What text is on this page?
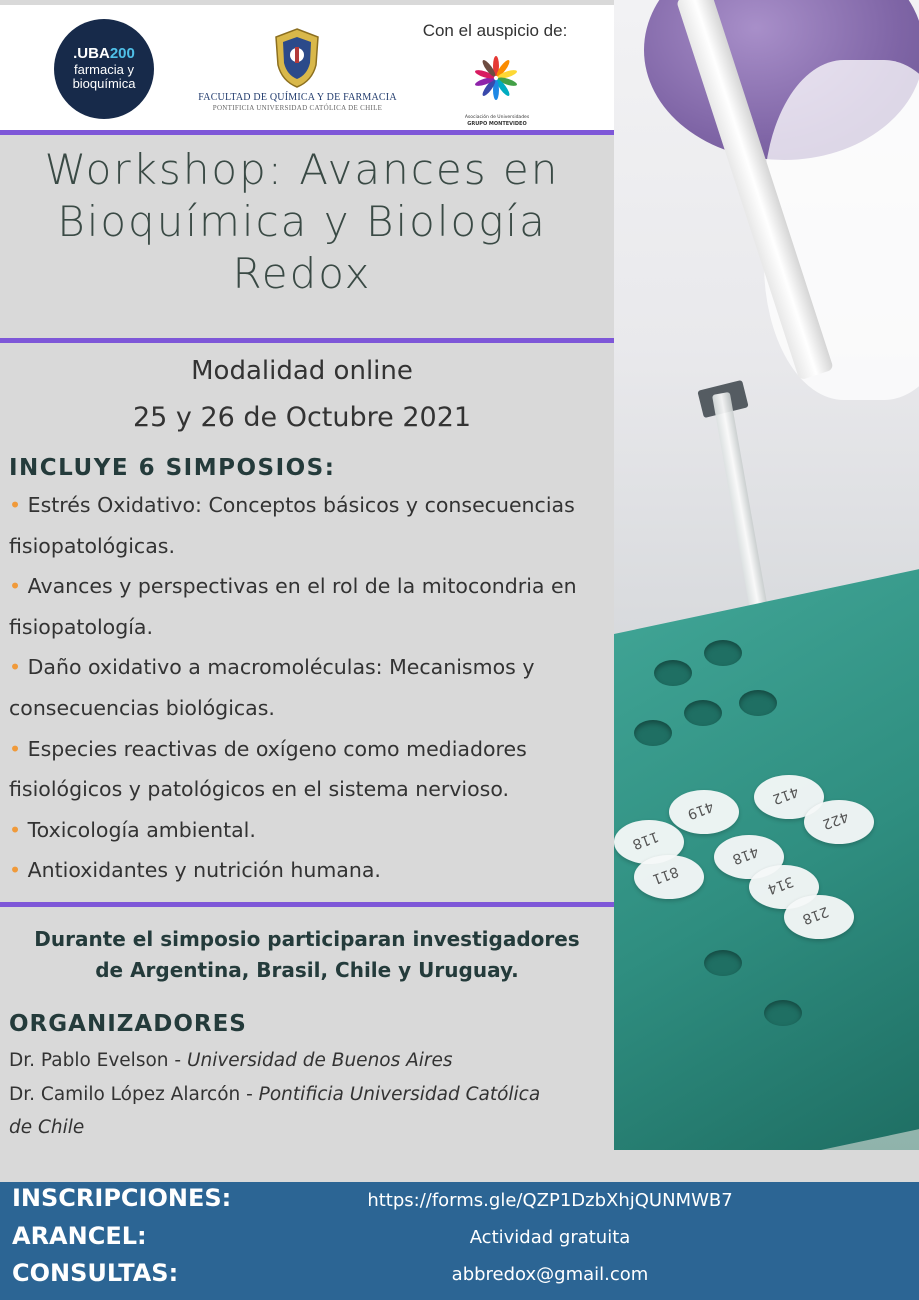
419
412
422
118
811
418
314
218
.UBA200
farmacia y
bioquímica
FACULTAD DE QUÍMICA Y DE FARMACIA
PONTIFICIA UNIVERSIDAD CATÓLICA DE CHILE
Con el auspicio de:
Asociación de Universidades
GRUPO MONTEVIDEO
Workshop: Avances en
Bioquímica y Biología
Redox
Modalidad online
25 y 26 de Octubre 2021
INCLUYE 6 SIMPOSIOS:
• Estrés Oxidativo: Conceptos básicos y consecuencias
fisiopatológicas.
• Avances y perspectivas en el rol de la mitocondria en
fisiopatología.
• Daño oxidativo a macromoléculas: Mecanismos y
consecuencias biológicas.
• Especies reactivas de oxígeno como mediadores
fisiológicos y patológicos en el sistema nervioso.
• Toxicología ambiental.
• Antioxidantes y nutrición humana.
Durante el simposio participaran investigadores
de Argentina, Brasil, Chile y Uruguay.
ORGANIZADORES
Dr. Pablo Evelson - Universidad de Buenos Aires
Dr. Camilo López Alarcón - Pontificia Universidad Católica
de Chile
INSCRIPCIONES:	https://forms.gle/QZP1DzbXhjQUNMWB7
ARANCEL:	Actividad gratuita
CONSULTAS:	abbredox@gmail.com
